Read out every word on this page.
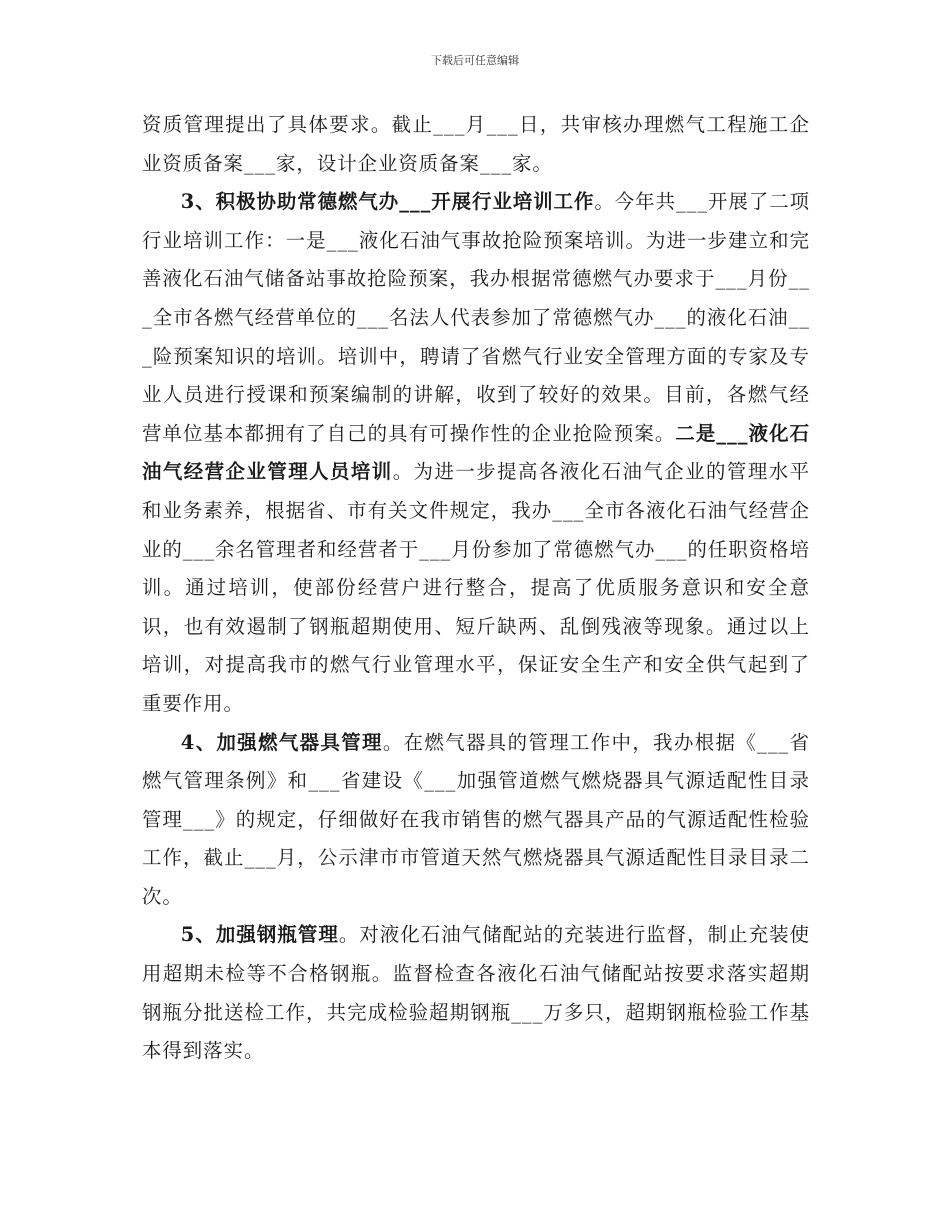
下载后可任意编辑

资质管理提出了具体要求。截止___月___日，共审核办理燃气工程施工企业资质备案___家，设计企业资质备案___家。

3、积极协助常德燃气办___开展行业培训工作。今年共___开展了二项行业培训工作：一是___液化石油气事故抢险预案培训。为进一步建立和完善液化石油气储备站事故抢险预案，我办根据常德燃气办要求于___月份___全市各燃气经营单位的___名法人代表参加了常德燃气办___的液化石油___险预案知识的培训。培训中，聘请了省燃气行业安全管理方面的专家及专业人员进行授课和预案编制的讲解，收到了较好的效果。目前，各燃气经营单位基本都拥有了自己的具有可操作性的企业抢险预案。二是___液化石油气经营企业管理人员培训。为进一步提高各液化石油气企业的管理水平和业务素养，根据省、市有关文件规定，我办___全市各液化石油气经营企业的___余名管理者和经营者于___月份参加了常德燃气办___的任职资格培训。通过培训，使部份经营户进行整合，提高了优质服务意识和安全意识，也有效遏制了钢瓶超期使用、短斤缺两、乱倒残液等现象。通过以上培训，对提高我市的燃气行业管理水平，保证安全生产和安全供气起到了重要作用。

4、加强燃气器具管理。在燃气器具的管理工作中，我办根据《___省燃气管理条例》和___省建设《___加强管道燃气燃烧器具气源适配性目录管理___》的规定，仔细做好在我市销售的燃气器具产品的气源适配性检验工作，截止___月，公示津市市管道天然气燃烧器具气源适配性目录目录二次。

5、加强钢瓶管理。对液化石油气储配站的充装进行监督，制止充装使用超期未检等不合格钢瓶。监督检查各液化石油气储配站按要求落实超期钢瓶分批送检工作，共完成检验超期钢瓶___万多只，超期钢瓶检验工作基本得到落实。
